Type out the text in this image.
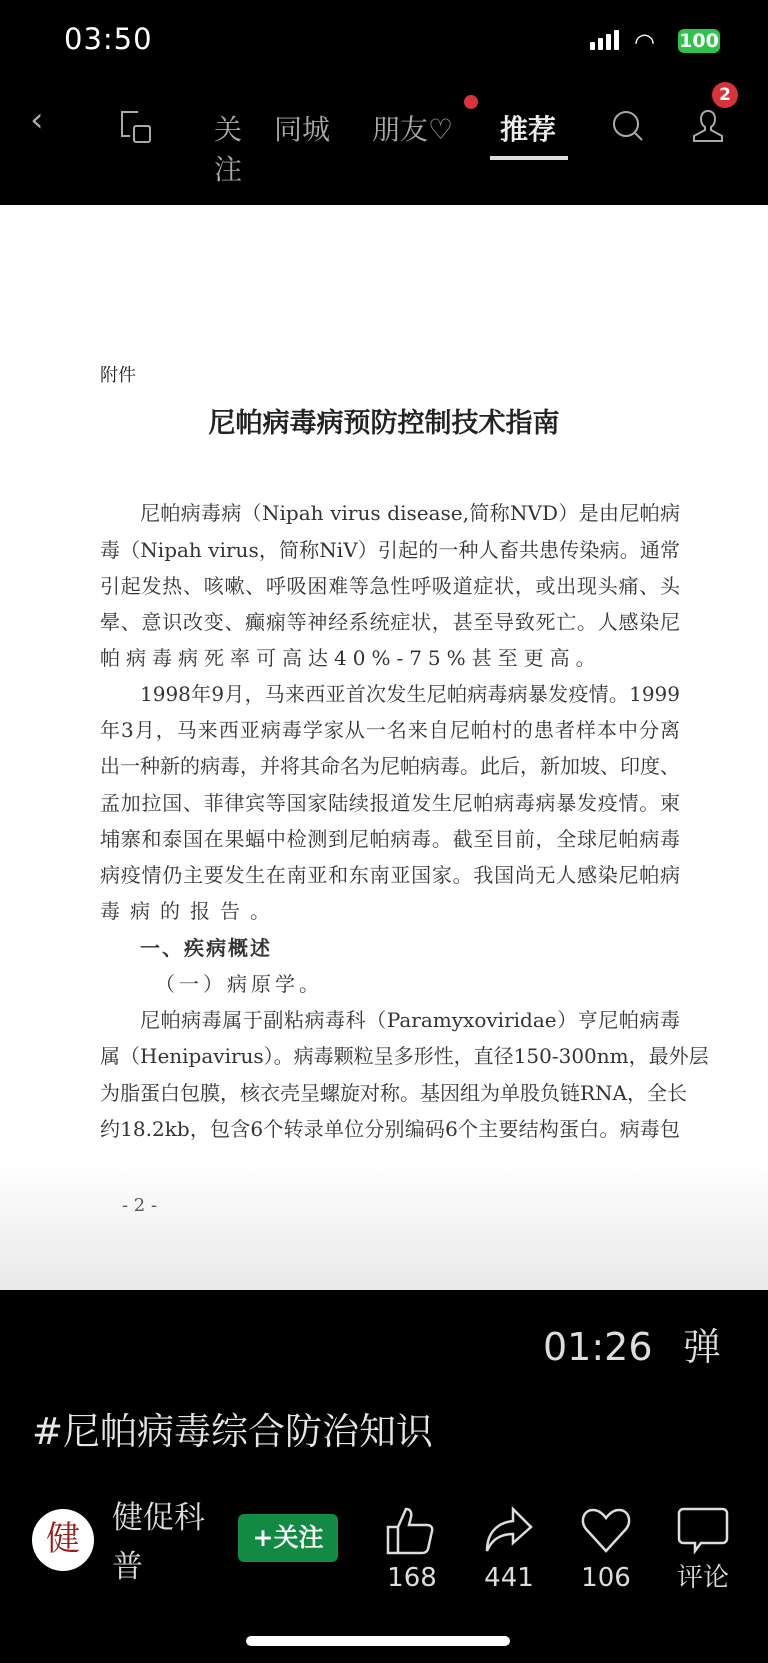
03:50	◠ 100
‹	关注
同城 朋友♡ 推荐
2
附件
尼帕病毒病预防控制技术指南
尼帕病毒病（Nipah virus disease,简称NVD）是由尼帕病
毒（Nipah virus，简称NiV）引起的一种人畜共患传染病。通常
引起发热、咳嗽、呼吸困难等急性呼吸道症状，或出现头痛、头
晕、意识改变、癫痫等神经系统症状，甚至导致死亡。人感染尼
帕病毒病死率可高达40%-75%甚至更高。
1998年9月，马来西亚首次发生尼帕病毒病暴发疫情。1999
年3月，马来西亚病毒学家从一名来自尼帕村的患者样本中分离
出一种新的病毒，并将其命名为尼帕病毒。此后，新加坡、印度、
孟加拉国、菲律宾等国家陆续报道发生尼帕病毒病暴发疫情。柬
埔寨和泰国在果蝠中检测到尼帕病毒。截至目前，全球尼帕病毒
病疫情仍主要发生在南亚和东南亚国家。我国尚无人感染尼帕病
毒病的报告。
一、疾病概述
（一）病原学。
尼帕病毒属于副粘病毒科（Paramyxoviridae）亨尼帕病毒
属（Henipavirus）。病毒颗粒呈多形性，直径150-300nm，最外层
为脂蛋白包膜，核衣壳呈螺旋对称。基因组为单股负链RNA，全长
约18.2kb，包含6个转录单位分别编码6个主要结构蛋白。病毒包
- 2 -
01:26 弹
#尼帕病毒综合防治知识
健
健促科普
+关注
168	441	106	评论
